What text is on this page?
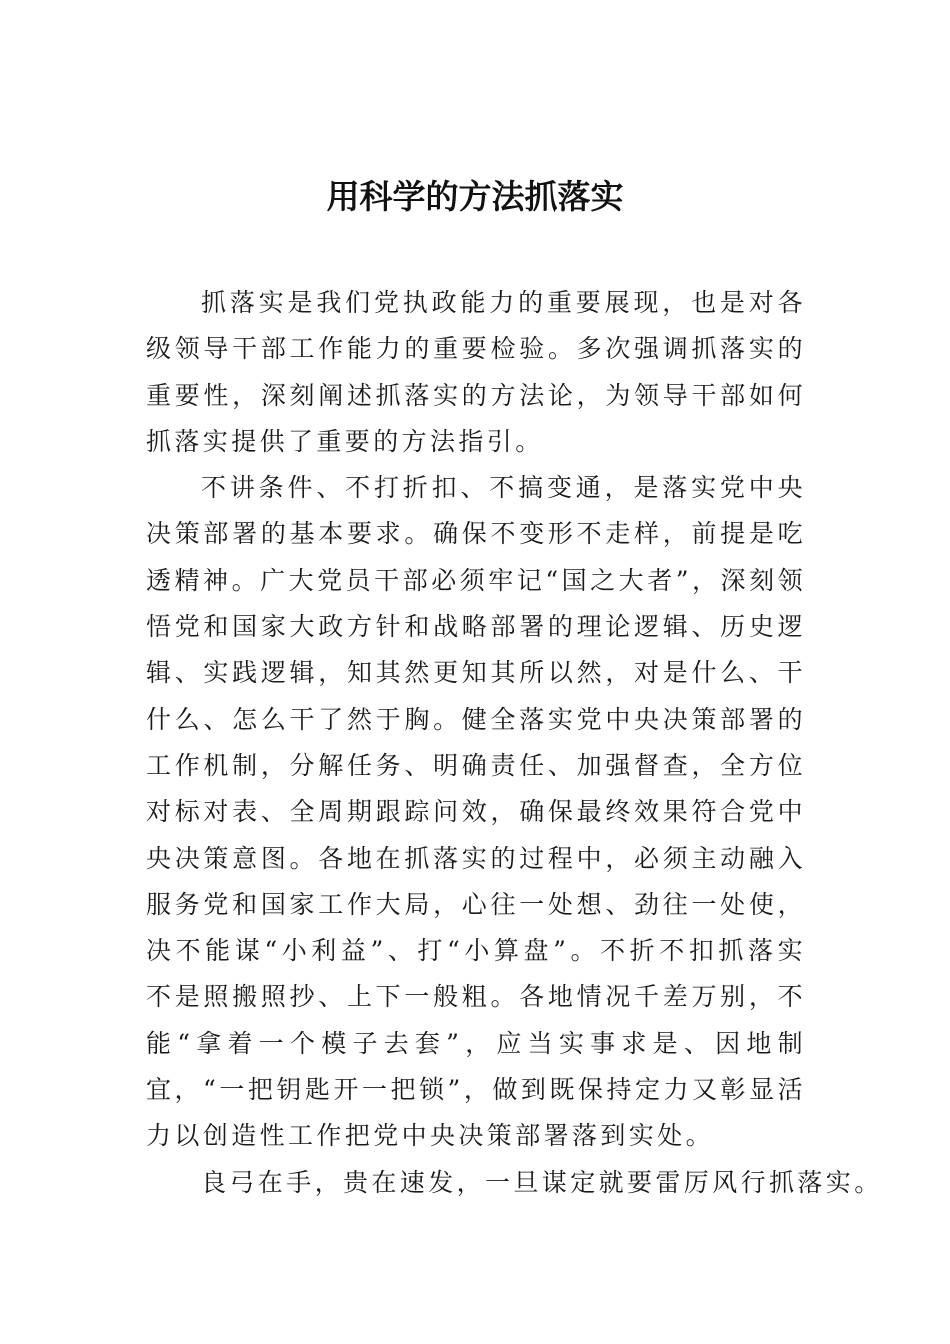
用科学的方法抓落实

抓落实是我们党执政能力的重要展现，也是对各级领导干部工作能力的重要检验。多次强调抓落实的重要性，深刻阐述抓落实的方法论，为领导干部如何抓落实提供了重要的方法指引。

不讲条件、不打折扣、不搞变通，是落实党中央决策部署的基本要求。确保不变形不走样，前提是吃透精神。广大党员干部必须牢记“国之大者”，深刻领悟党和国家大政方针和战略部署的理论逻辑、历史逻辑、实践逻辑，知其然更知其所以然，对是什么、干什么、怎么干了然于胸。健全落实党中央决策部署的工作机制，分解任务、明确责任、加强督查，全方位对标对表、全周期跟踪问效，确保最终效果符合党中央决策意图。各地在抓落实的过程中，必须主动融入服务党和国家工作大局，心往一处想、劲往一处使，决不能谋“小利益”、打“小算盘”。不折不扣抓落实不是照搬照抄、上下一般粗。各地情况千差万别，不能“拿着一个模子去套”，应当实事求是、因地制宜，“一把钥匙开一把锁”，做到既保持定力又彰显活力以创造性工作把党中央决策部署落到实处。

良弓在手，贵在速发，一旦谋定就要雷厉风行抓落实。
